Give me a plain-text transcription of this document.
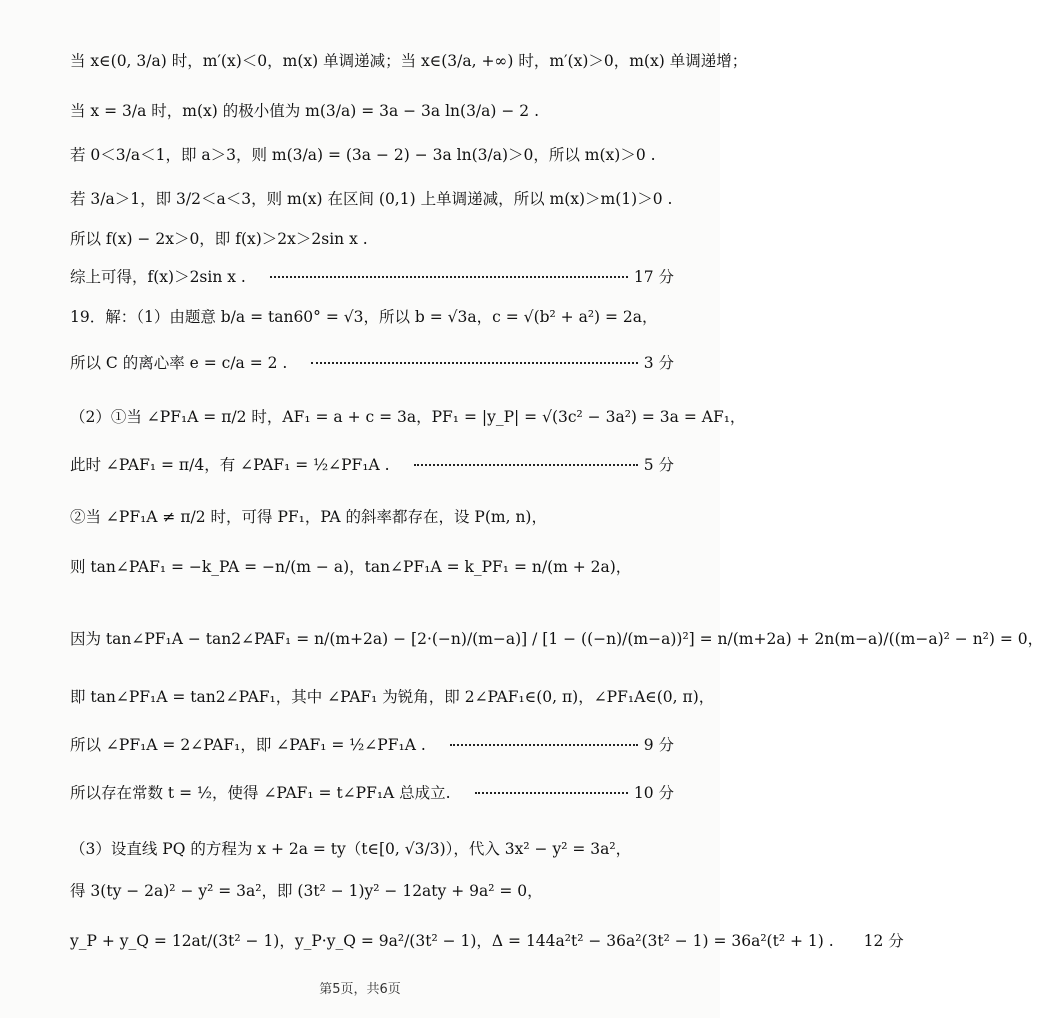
当 x∈(0, 3/a) 时，m′(x)＜0，m(x) 单调递减；当 x∈(3/a, +∞) 时，m′(x)＞0，m(x) 单调递增；
当 x = 3/a 时，m(x) 的极小值为 m(3/a) = 3a − 3a ln(3/a) − 2 .
若 0＜3/a＜1，即 a＞3，则 m(3/a) = (3a − 2) − 3a ln(3/a)＞0，所以 m(x)＞0 .
若 3/a＞1，即 3/2＜a＜3，则 m(x) 在区间 (0,1) 上单调递减，所以 m(x)＞m(1)＞0 .
所以 f(x) − 2x＞0，即 f(x)＞2x＞2sin x .
综上可得，f(x)＞2sin x .	17 分
19．解：（1）由题意 b/a = tan60° = √3，所以 b = √3a，c = √(b² + a²) = 2a，
所以 C 的离心率 e = c/a = 2 .	3 分
（2）①当 ∠PF₁A = π/2 时，AF₁ = a + c = 3a，PF₁ = |y_P| = √(3c² − 3a²) = 3a = AF₁，
此时 ∠PAF₁ = π/4，有 ∠PAF₁ = ½∠PF₁A .	5 分
②当 ∠PF₁A ≠ π/2 时，可得 PF₁，PA 的斜率都存在，设 P(m, n)，
则 tan∠PAF₁ = −k_PA = −n/(m − a)，tan∠PF₁A = k_PF₁ = n/(m + 2a)，
因为 tan∠PF₁A − tan2∠PAF₁ = n/(m+2a) − [2·(−n)/(m−a)] / [1 − ((−n)/(m−a))²] = n/(m+2a) + 2n(m−a)/((m−a)² − n²) = 0，
即 tan∠PF₁A = tan2∠PAF₁，其中 ∠PAF₁ 为锐角，即 2∠PAF₁∈(0, π)，∠PF₁A∈(0, π)，
所以 ∠PF₁A = 2∠PAF₁，即 ∠PAF₁ = ½∠PF₁A .	9 分
所以存在常数 t = ½，使得 ∠PAF₁ = t∠PF₁A 总成立.	10 分
（3）设直线 PQ 的方程为 x + 2a = ty（t∈[0, √3/3)），代入 3x² − y² = 3a²，
得 3(ty − 2a)² − y² = 3a²，即 (3t² − 1)y² − 12aty + 9a² = 0，
y_P + y_Q = 12at/(3t² − 1)，y_P·y_Q = 9a²/(3t² − 1)，Δ = 144a²t² − 36a²(3t² − 1) = 36a²(t² + 1) . 12 分
第5页，共6页
